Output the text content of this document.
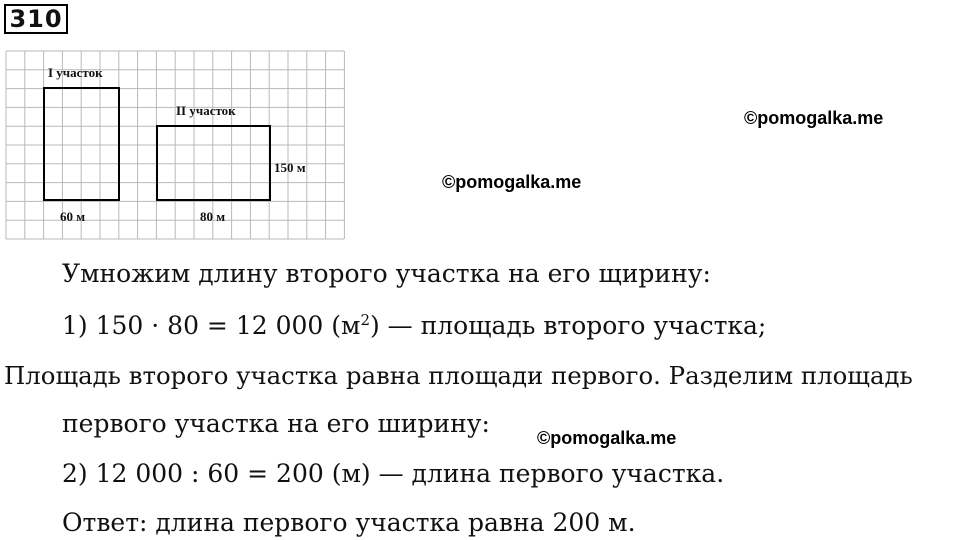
310
I участок
II участок
60 м	80 м
150 м
©pomogalka.me
©pomogalka.me
©pomogalka.me
Умножим длину второго участка на его щирину:
1) 150 · 80 = 12 000 $(м^2)$ — площадь второго участка;
Площадь второго участка равна площади первого. Разделим площадь
первого участка на его ширину:
2) 12 000 : 60 = 200 (м) — длина первого участка.
Ответ: длина первого участка равна 200 м.
